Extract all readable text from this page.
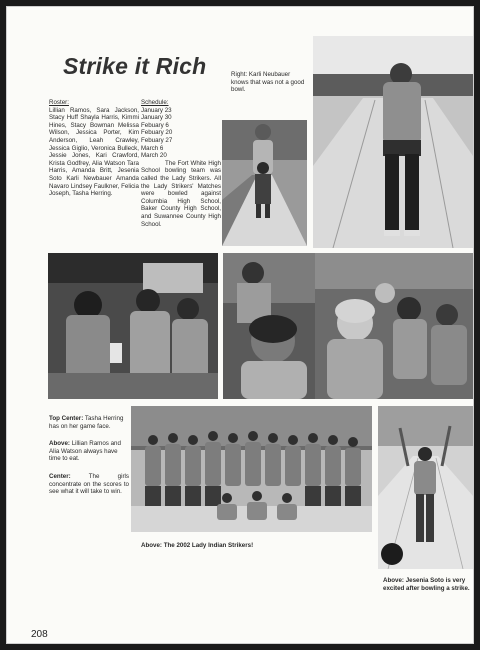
Strike it Rich
Roster:
Lillian Ramos, Sara Jackson, Stacy Huff Shayla Harris, Kimmi Hines, Stacy Bowman Melissa Wilson, Jessica Porter, Kim Anderson, Leah Crawley, Jessica Giglio, Veronica Bulleck, Jessie Jones, Kari Crawford, Krista Godfrey, Alia Watson Tara Harris, Amanda Britt, Jesenia Soto Karli Newbauer Amanda Navaro Lindsey Faulkner, Felicia Joseph, Tasha Herring.
Schedule:
January 23
January 30
Febuary 6
Febuary 20
Febuary 27
March 6
March 20
The Fort White High School bowling team was called the Lady Strikers. All the Lady Strikers' Matches were bowled against Columbia High School, Baker County High School, and Suwannee County High School.
Right: Karli Neubauer knows that was not a good bowl.
Top Center: Tasha Herring has on her game face.
Above: Lillian Ramos and Alia Watson always have time to eat.
Center:	The girls concentrate on the scores to see what it will take to win.
Above: The 2002 Lady Indian Strikers!
Above: Jesenia Soto is very excited after bowling a strike.
208
